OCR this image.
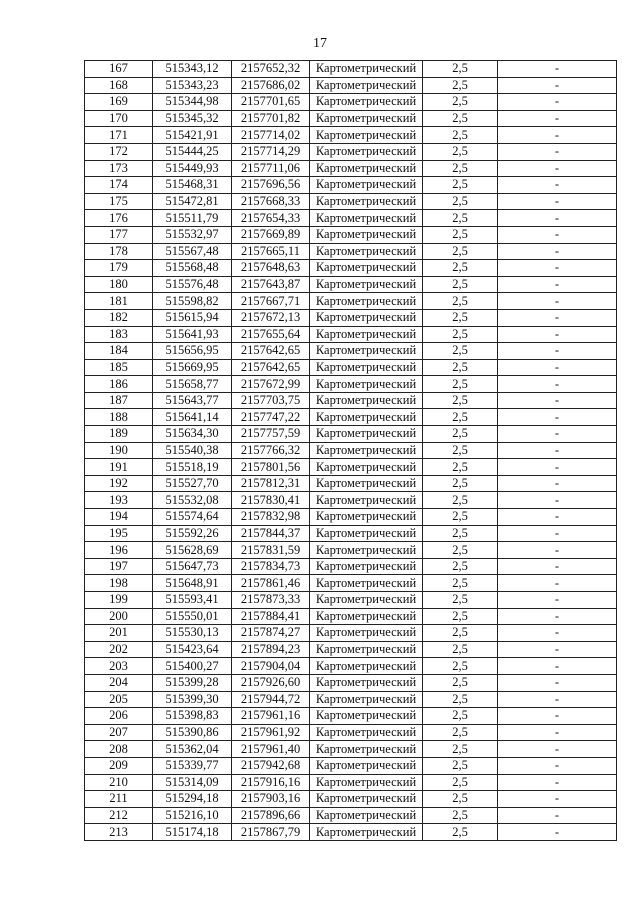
17
167	515343,12	2157652,32	Картометрический	2,5	-
168	515343,23	2157686,02	Картометрический	2,5	-
169	515344,98	2157701,65	Картометрический	2,5	-
170	515345,32	2157701,82	Картометрический	2,5	-
171	515421,91	2157714,02	Картометрический	2,5	-
172	515444,25	2157714,29	Картометрический	2,5	-
173	515449,93	2157711,06	Картометрический	2,5	-
174	515468,31	2157696,56	Картометрический	2,5	-
175	515472,81	2157668,33	Картометрический	2,5	-
176	515511,79	2157654,33	Картометрический	2,5	-
177	515532,97	2157669,89	Картометрический	2,5	-
178	515567,48	2157665,11	Картометрический	2,5	-
179	515568,48	2157648,63	Картометрический	2,5	-
180	515576,48	2157643,87	Картометрический	2,5	-
181	515598,82	2157667,71	Картометрический	2,5	-
182	515615,94	2157672,13	Картометрический	2,5	-
183	515641,93	2157655,64	Картометрический	2,5	-
184	515656,95	2157642,65	Картометрический	2,5	-
185	515669,95	2157642,65	Картометрический	2,5	-
186	515658,77	2157672,99	Картометрический	2,5	-
187	515643,77	2157703,75	Картометрический	2,5	-
188	515641,14	2157747,22	Картометрический	2,5	-
189	515634,30	2157757,59	Картометрический	2,5	-
190	515540,38	2157766,32	Картометрический	2,5	-
191	515518,19	2157801,56	Картометрический	2,5	-
192	515527,70	2157812,31	Картометрический	2,5	-
193	515532,08	2157830,41	Картометрический	2,5	-
194	515574,64	2157832,98	Картометрический	2,5	-
195	515592,26	2157844,37	Картометрический	2,5	-
196	515628,69	2157831,59	Картометрический	2,5	-
197	515647,73	2157834,73	Картометрический	2,5	-
198	515648,91	2157861,46	Картометрический	2,5	-
199	515593,41	2157873,33	Картометрический	2,5	-
200	515550,01	2157884,41	Картометрический	2,5	-
201	515530,13	2157874,27	Картометрический	2,5	-
202	515423,64	2157894,23	Картометрический	2,5	-
203	515400,27	2157904,04	Картометрический	2,5	-
204	515399,28	2157926,60	Картометрический	2,5	-
205	515399,30	2157944,72	Картометрический	2,5	-
206	515398,83	2157961,16	Картометрический	2,5	-
207	515390,86	2157961,92	Картометрический	2,5	-
208	515362,04	2157961,40	Картометрический	2,5	-
209	515339,77	2157942,68	Картометрический	2,5	-
210	515314,09	2157916,16	Картометрический	2,5	-
211	515294,18	2157903,16	Картометрический	2,5	-
212	515216,10	2157896,66	Картометрический	2,5	-
213	515174,18	2157867,79	Картометрический	2,5	-
